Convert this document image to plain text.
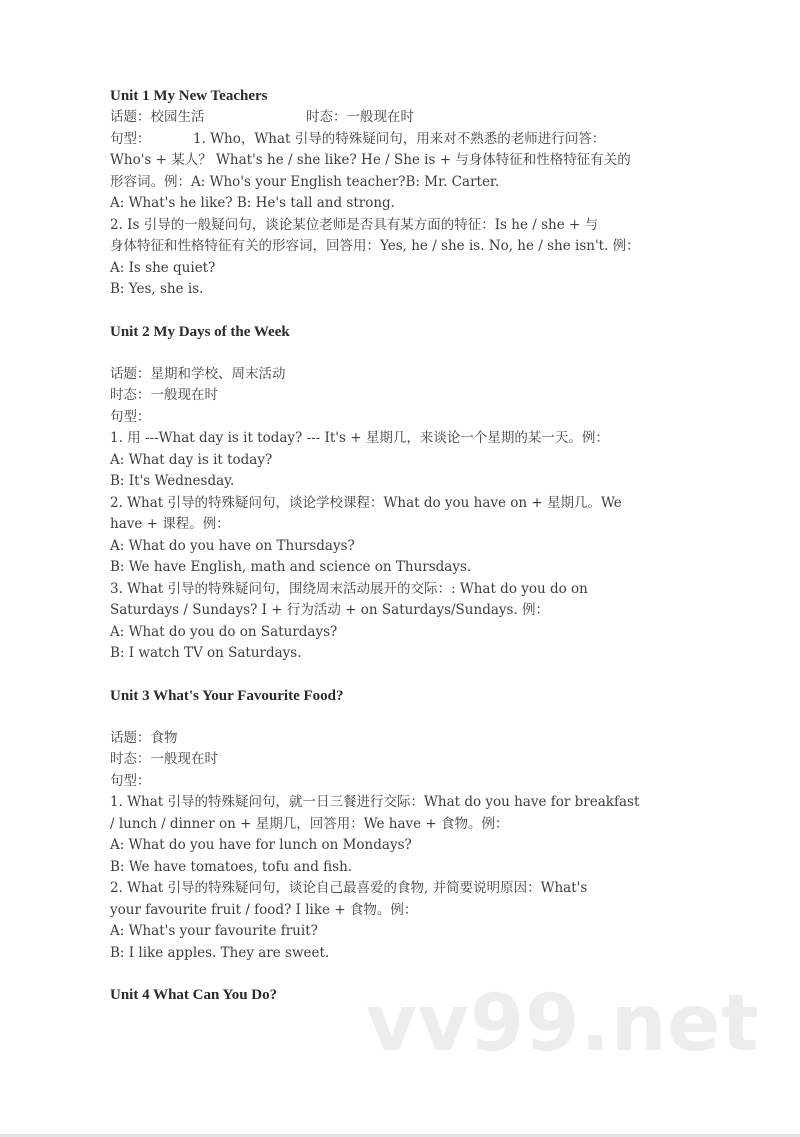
Unit 1 My New Teachers

话题：校园生活	时态：一般现在时

句型：	1. Who，What 引导的特殊疑问句，用来对不熟悉的老师进行问答：

Who's + 某人？ What's he / she like? He / She is + 与身体特征和性格特征有关的

形容词。例：A: Who's your English teacher?B: Mr. Carter.

A: What's he like? B: He's tall and strong.

2. Is 引导的一般疑问句，谈论某位老师是否具有某方面的特征：Is he / she + 与

身体特征和性格特征有关的形容词，回答用：Yes, he / she is. No, he / she isn't. 例：

A: Is she quiet?

B: Yes, she is.

Unit 2 My Days of the Week

话题：星期和学校、周末活动

时态：一般现在时

句型：

1. 用 ---What day is it today? --- It's + 星期几，来谈论一个星期的某一天。例：

A: What day is it today?

B: It's Wednesday.

2. What 引导的特殊疑问句，谈论学校课程：What do you have on + 星期几。We

have + 课程。例：

A: What do you have on Thursdays?

B: We have English, math and science on Thursdays.

3. What 引导的特殊疑问句，围绕周末活动展开的交际：: What do you do on

Saturdays / Sundays? I + 行为活动 + on Saturdays/Sundays. 例：

A: What do you do on Saturdays?

B: I watch TV on Saturdays.

Unit 3 What's Your Favourite Food?

话题：食物

时态：一般现在时

句型：

1. What 引导的特殊疑问句，就一日三餐进行交际：What do you have for breakfast

/ lunch / dinner on + 星期几，回答用：We have + 食物。例：

A: What do you have for lunch on Mondays?

B: We have tomatoes, tofu and fish.

2. What 引导的特殊疑问句，谈论自己最喜爱的食物, 并简要说明原因：What's

your favourite fruit / food? I like + 食物。例：

A: What's your favourite fruit?

B: I like apples. They are sweet.

Unit 4 What Can You Do?	vv99.net
